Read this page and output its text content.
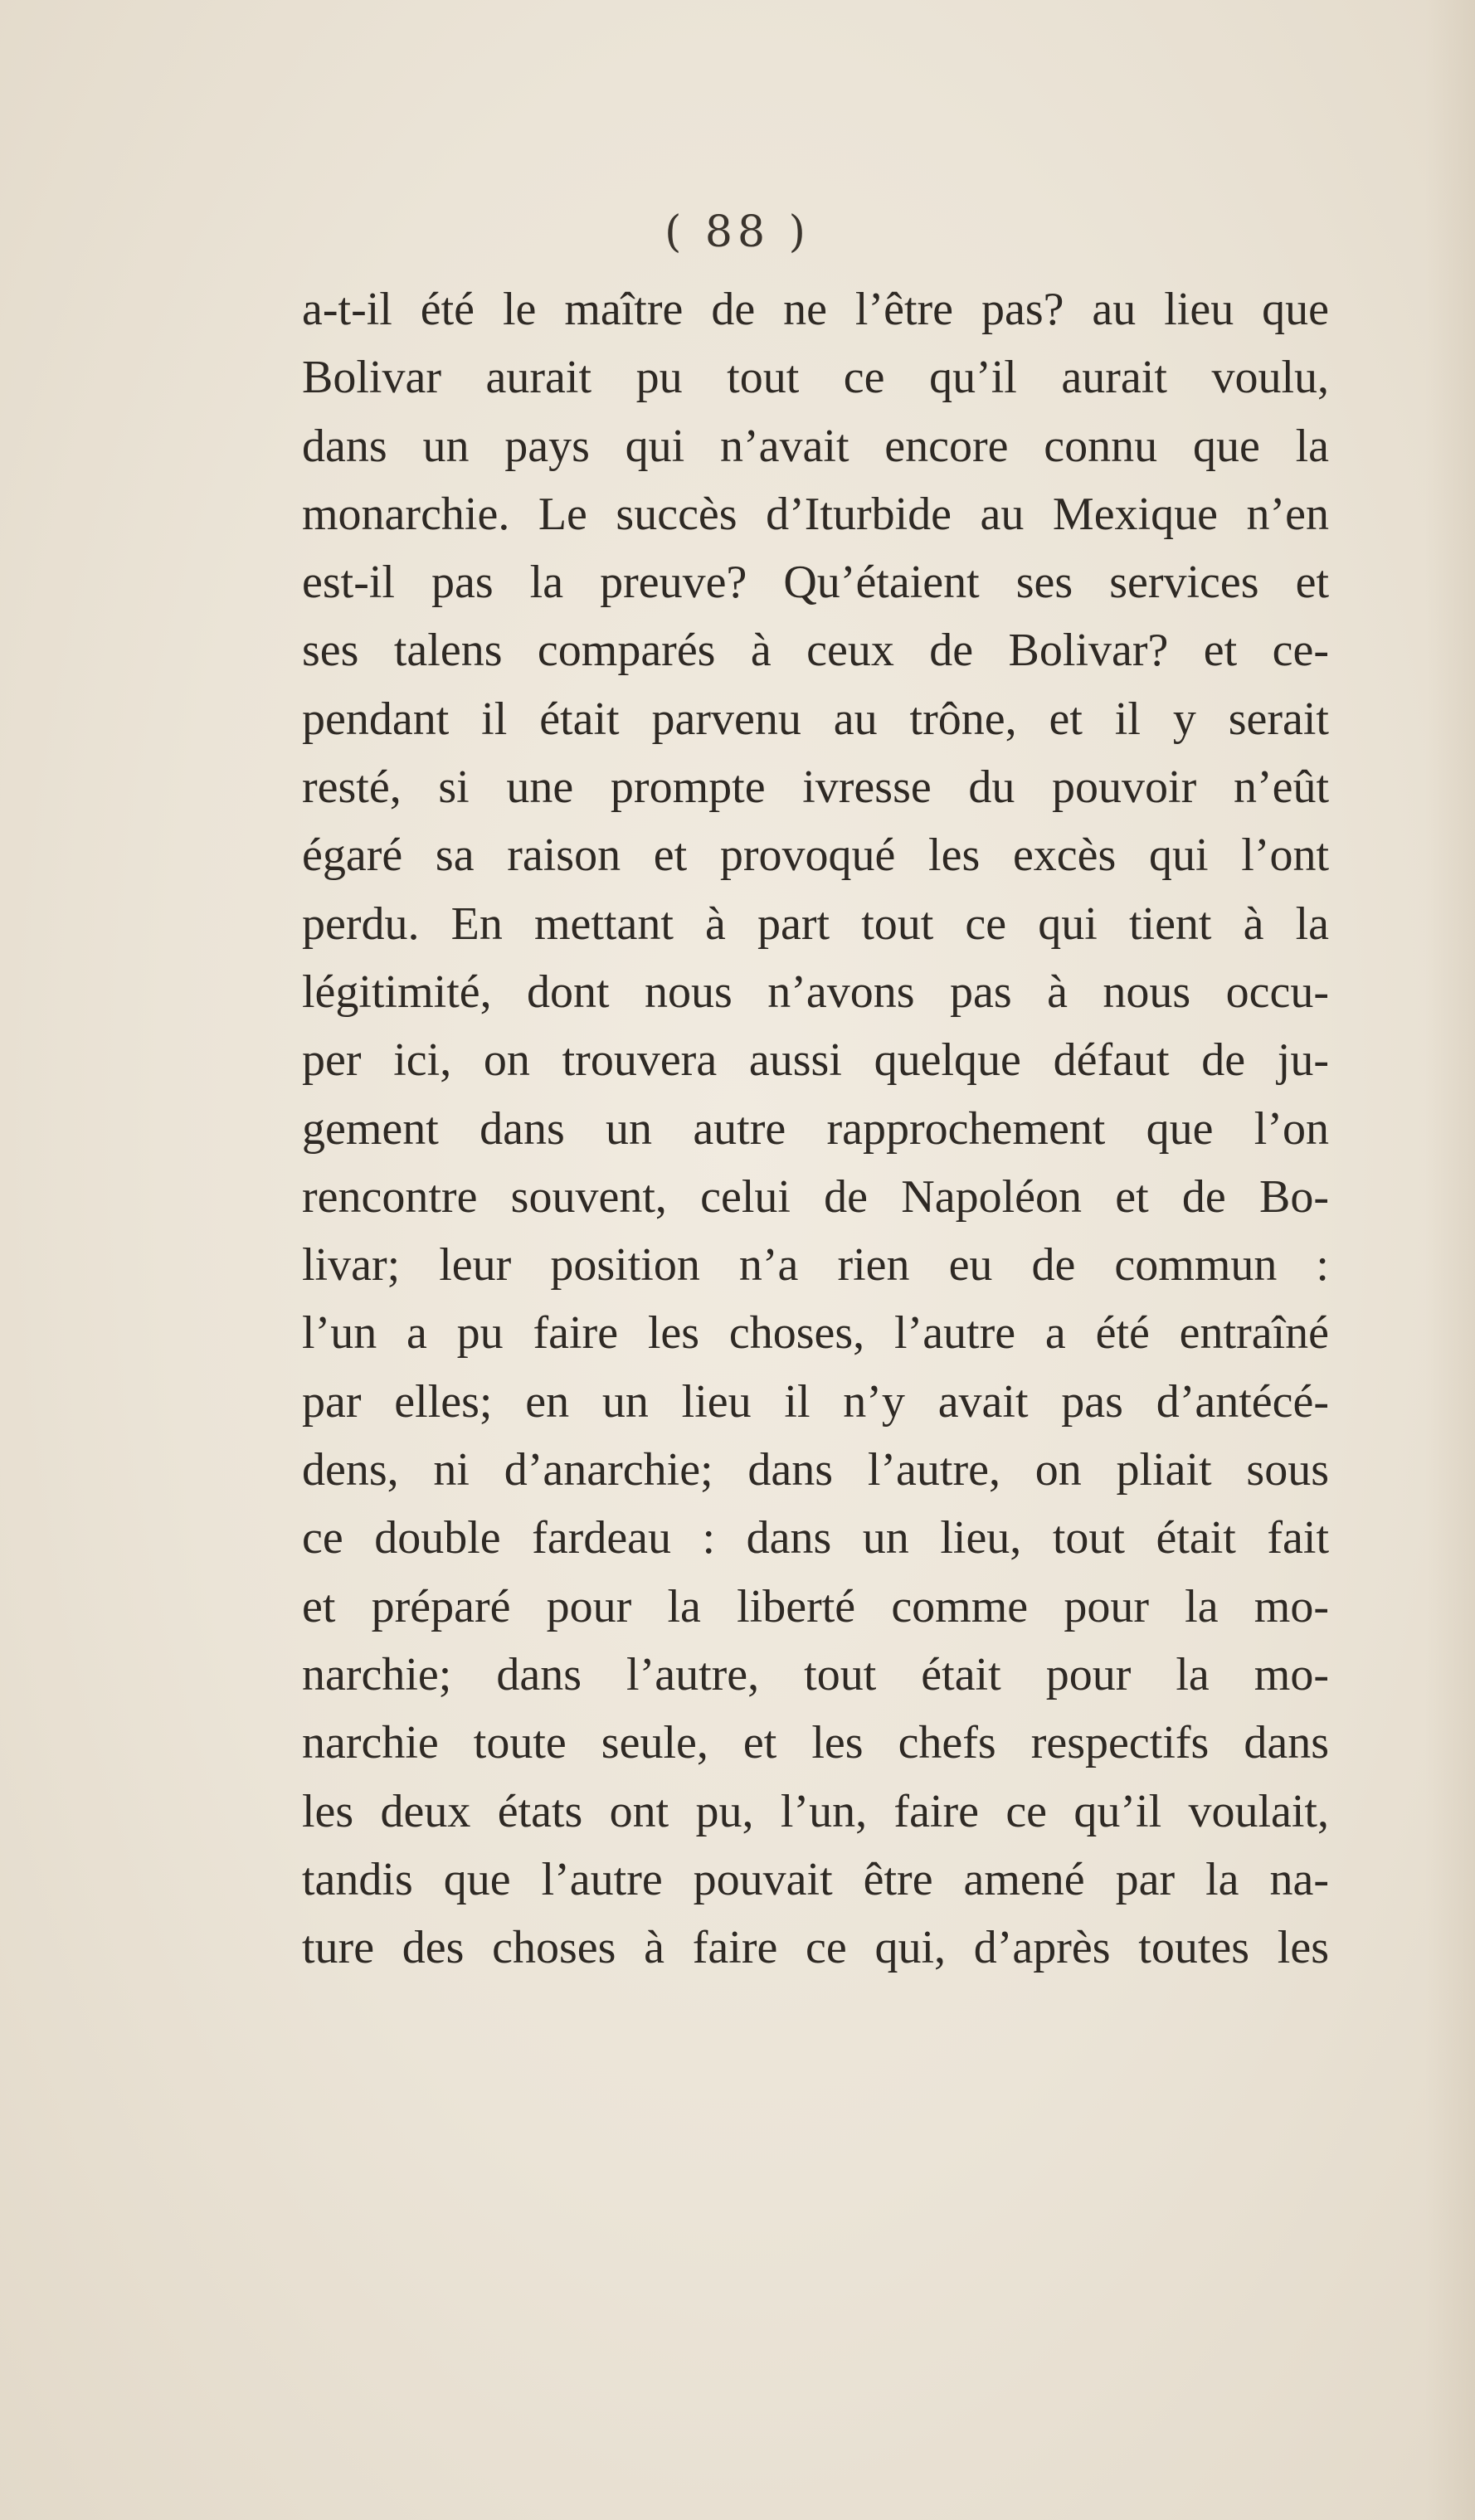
( 88 )
a-t-il été le maître de ne l’être pas? au lieu que
Bolivar aurait pu tout ce qu’il aurait voulu,
dans un pays qui n’avait encore connu que la
monarchie. Le succès d’Iturbide au Mexique n’en
est-il pas la preuve? Qu’étaient ses services et
ses talens comparés à ceux de Bolivar? et ce-
pendant il était parvenu au trône, et il y serait
resté, si une prompte ivresse du pouvoir n’eût
égaré sa raison et provoqué les excès qui l’ont
perdu. En mettant à part tout ce qui tient à la
légitimité, dont nous n’avons pas à nous occu-
per ici, on trouvera aussi quelque défaut de ju-
gement dans un autre rapprochement que l’on
rencontre souvent, celui de Napoléon et de Bo-
livar; leur position n’a rien eu de commun :
l’un a pu faire les choses, l’autre a été entraîné
par elles; en un lieu il n’y avait pas d’antécé-
dens, ni d’anarchie; dans l’autre, on pliait sous
ce double fardeau : dans un lieu, tout était fait
et préparé pour la liberté comme pour la mo-
narchie; dans l’autre, tout était pour la mo-
narchie toute seule, et les chefs respectifs dans
les deux états ont pu, l’un, faire ce qu’il voulait,
tandis que l’autre pouvait être amené par la na-
ture des choses à faire ce qui, d’après toutes les
